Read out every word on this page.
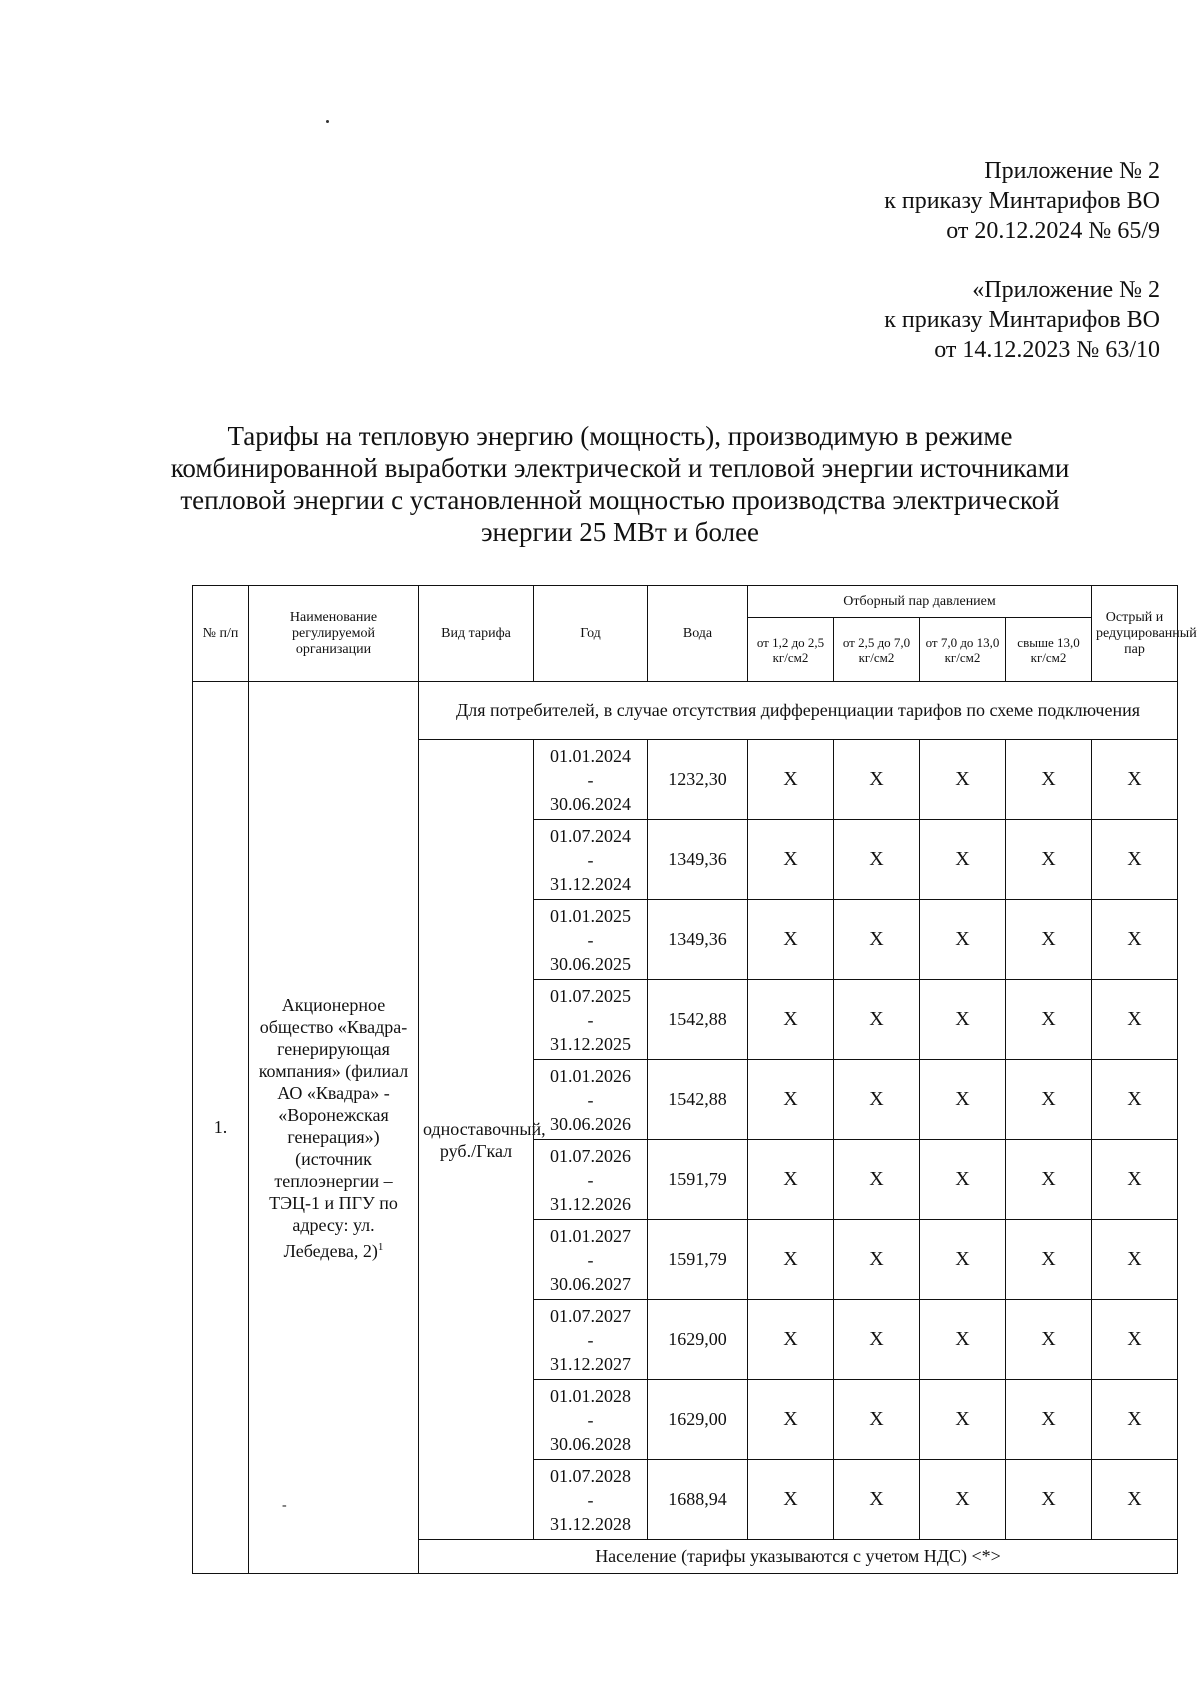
Приложение № 2
к приказу Минтарифов ВО
от 20.12.2024 № 65/9
«Приложение № 2
к приказу Минтарифов ВО
от 14.12.2023 № 63/10
Тарифы на тепловую энергию (мощность), производимую в режиме
комбинированной выработки электрической и тепловой энергии источниками
тепловой энергии с установленной мощностью производства электрической
энергии 25 МВт и более
№ п/п	Наименование регулируемой организации	Вид тарифа	Год	Вода	Отборный пар давлением				Острый и редуцированный пар
					от 1,2 до 2,5 кг/см2	от 2,5 до 7,0 кг/см2	от 7,0 до 13,0 кг/см2	свыше 13,0 кг/см2	
1.	Акционерное общество «Квадра-генерирующая компания» (филиал АО «Квадра» - «Воронежская генерация») (источник теплоэнергии – ТЭЦ-1 и ПГУ по адресу: ул. Лебедева, 2)$^1$	Для потребителей, в случае отсутствия дифференциации тарифов по схеме подключения							
		одноставочный, руб./Гкал	01.01.2024
-
30.06.2024	1232,30	X	X	X	X	X

			01.07.2024
-
31.12.2024	1349,36	X	X	X	X	X

			01.01.2025
-
30.06.2025	1349,36	X	X	X	X	X

			01.07.2025
-
31.12.2025	1542,88	X	X	X	X	X

			01.01.2026
-
30.06.2026	1542,88	X	X	X	X	X

			01.07.2026
-
31.12.2026	1591,79	X	X	X	X	X

			01.01.2027
-
30.06.2027	1591,79	X	X	X	X	X

			01.07.2027
-
31.12.2027	1629,00	X	X	X	X	X

			01.01.2028
-
30.06.2028	1629,00	X	X	X	X	X

			01.07.2028
-
31.12.2028	1688,94	X	X	X	X	X
		Население (тарифы указываются с учетом НДС) <*>							
-
